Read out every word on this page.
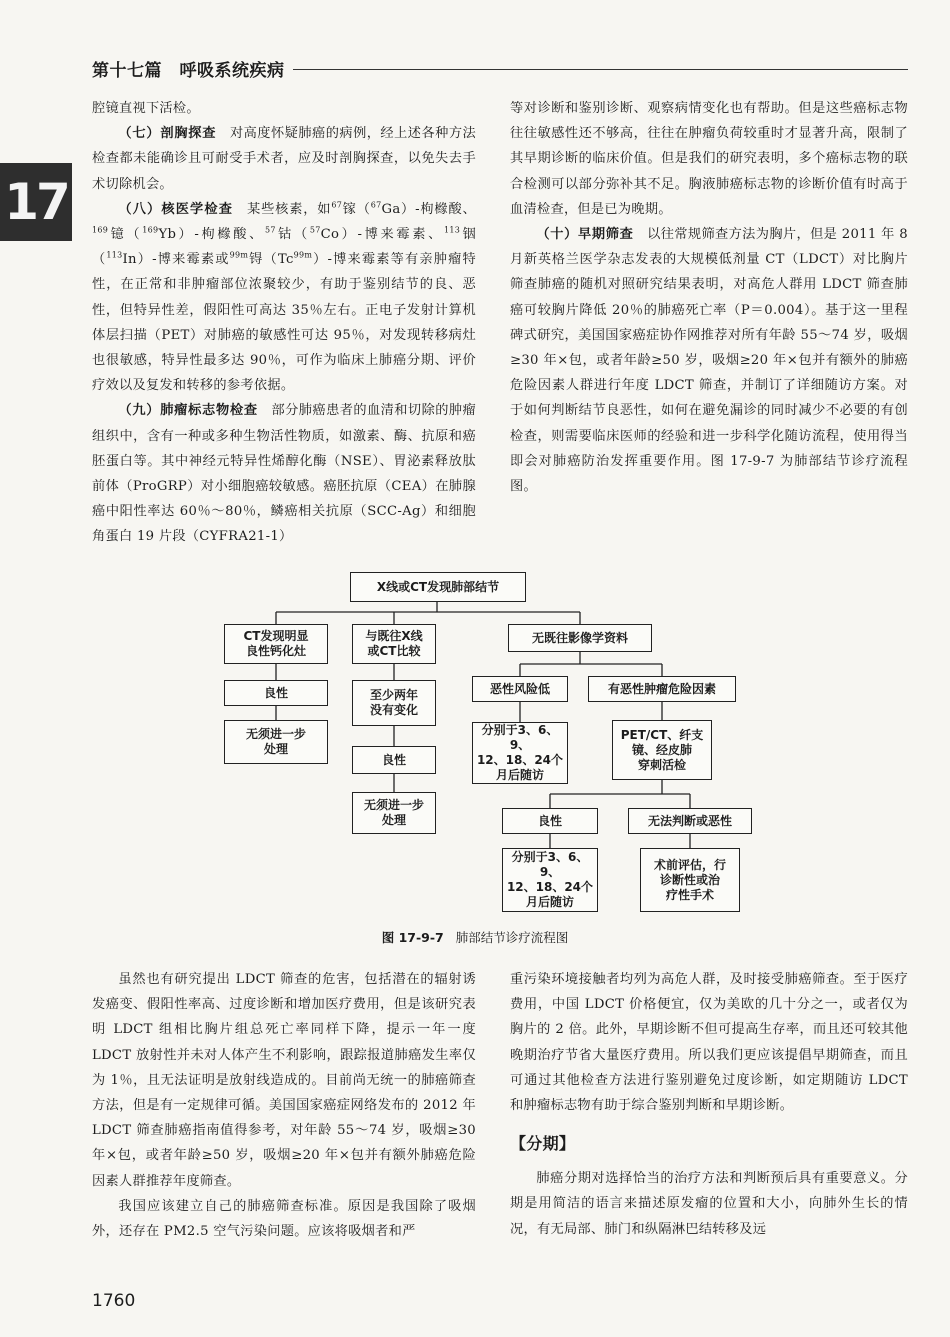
第十七篇　呼吸系统疾病
17

腔镜直视下活检。

（七）剖胸探查　对高度怀疑肺癌的病例，经上述各种方法检查都未能确诊且可耐受手术者，应及时剖胸探查，以免失去手术切除机会。

（八）核医学检查　某些核素，如$^{67}$镓（$^{67}$Ga）-枸橼酸、$^{169}$镱（$^{169}$Yb）-枸橼酸、$^{57}$钴（$^{57}$Co）-博来霉素、$^{113}$铟（$^{113}$In）-博来霉素或$^{99m}$锝$(Tc^{99m})-$博来霉素等有亲肿瘤特性，在正常和非肿瘤部位浓聚较少，有助于鉴别结节的良、恶性，但特异性差，假阳性可高达 35％左右。正电子发射计算机体层扫描（PET）对肺癌的敏感性可达 95％，对发现转移病灶也很敏感，特异性最多达 90％，可作为临床上肺癌分期、评价疗效以及复发和转移的参考依据。

（九）肺瘤标志物检查　部分肺癌患者的血清和切除的肿瘤组织中，含有一种或多种生物活性物质，如激素、酶、抗原和癌胚蛋白等。其中神经元特异性烯醇化酶（NSE）、胃泌素释放肽前体（ProGRP）对小细胞癌较敏感。癌胚抗原（CEA）在肺腺癌中阳性率达 60％～80％，鳞癌相关抗原（SCC-Ag）和细胞角蛋白 19 片段（CYFRA21-1）

等对诊断和鉴别诊断、观察病情变化也有帮助。但是这些癌标志物往往敏感性还不够高，往往在肿瘤负荷较重时才显著升高，限制了其早期诊断的临床价值。但是我们的研究表明，多个癌标志物的联合检测可以部分弥补其不足。胸液肺癌标志物的诊断价值有时高于血清检查，但是已为晚期。

（十）早期筛查　以往常规筛查方法为胸片，但是 2011 年 8 月新英格兰医学杂志发表的大规模低剂量 CT（LDCT）对比胸片筛查肺癌的随机对照研究结果表明，对高危人群用 LDCT 筛查肺癌可较胸片降低 20％的肺癌死亡率（P＝0.004）。基于这一里程碑式研究，美国国家癌症协作网推荐对所有年龄 55～74 岁，吸烟≥30 年×包，或者年龄≥50 岁，吸烟≥20 年×包并有额外的肺癌危险因素人群进行年度 LDCT 筛查，并制订了详细随访方案。对于如何判断结节良恶性，如何在避免漏诊的同时减少不必要的有创检查，则需要临床医师的经验和进一步科学化随访流程，使用得当即会对肺癌防治发挥重要作用。图 17-9-7 为肺部结节诊疗流程图。

X线或CT发现肺部结节
CT发现明显
良性钙化灶
良性
无须进一步
处理
与既往X线
或CT比较
至少两年
没有变化
良性
无须进一步
处理
无既往影像学资料
恶性风险低
分别于3、6、9、
12、18、24个
月后随访
有恶性肿瘤危险因素
PET/CT、纤支
镜、经皮肺
穿刺活检
良性
分别于3、6、9、
12、18、24个
月后随访
无法判断或恶性
术前评估，行
诊断性或治
疗性手术
图 17-9-7 肺部结节诊疗流程图

虽然也有研究提出 LDCT 筛查的危害，包括潜在的辐射诱发癌变、假阳性率高、过度诊断和增加医疗费用，但是该研究表明 LDCT 组相比胸片组总死亡率同样下降，提示一年一度 LDCT 放射性并未对人体产生不利影响，跟踪报道肺癌发生率仅为 1％，且无法证明是放射线造成的。目前尚无统一的肺癌筛查方法，但是有一定规律可循。美国国家癌症网络发布的 2012 年 LDCT 筛查肺癌指南值得参考，对年龄 55～74 岁，吸烟≥30 年×包，或者年龄≥50 岁，吸烟≥20 年×包并有额外肺癌危险因素人群推荐年度筛查。

我国应该建立自己的肺癌筛查标准。原因是我国除了吸烟外，还存在 PM2.5 空气污染问题。应该将吸烟者和严

重污染环境接触者均列为高危人群，及时接受肺癌筛查。至于医疗费用，中国 LDCT 价格便宜，仅为美欧的几十分之一，或者仅为胸片的 2 倍。此外，早期诊断不但可提高生存率，而且还可较其他晚期治疗节省大量医疗费用。所以我们更应该提倡早期筛查，而且可通过其他检查方法进行鉴别避免过度诊断，如定期随访 LDCT 和肿瘤标志物有助于综合鉴别判断和早期诊断。

【分期】

肺癌分期对选择恰当的治疗方法和判断预后具有重要意义。分期是用简洁的语言来描述原发瘤的位置和大小，向肺外生长的情况，有无局部、肺门和纵隔淋巴结转移及远

1760
